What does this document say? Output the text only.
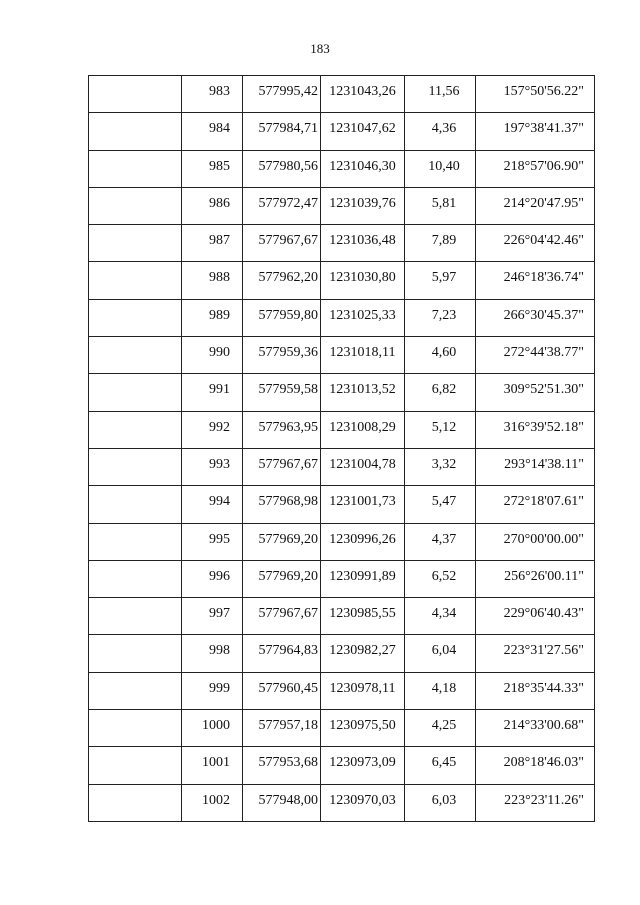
183

	983	577995,42	1231043,26	11,56	157°50'56.22"

	984	577984,71	1231047,62	4,36	197°38'41.37"

	985	577980,56	1231046,30	10,40	218°57'06.90"

	986	577972,47	1231039,76	5,81	214°20'47.95"

	987	577967,67	1231036,48	7,89	226°04'42.46"

	988	577962,20	1231030,80	5,97	246°18'36.74"

	989	577959,80	1231025,33	7,23	266°30'45.37"

	990	577959,36	1231018,11	4,60	272°44'38.77"

	991	577959,58	1231013,52	6,82	309°52'51.30"

	992	577963,95	1231008,29	5,12	316°39'52.18"

	993	577967,67	1231004,78	3,32	293°14'38.11"

	994	577968,98	1231001,73	5,47	272°18'07.61"

	995	577969,20	1230996,26	4,37	270°00'00.00"

	996	577969,20	1230991,89	6,52	256°26'00.11"

	997	577967,67	1230985,55	4,34	229°06'40.43"

	998	577964,83	1230982,27	6,04	223°31'27.56"

	999	577960,45	1230978,11	4,18	218°35'44.33"

	1000	577957,18	1230975,50	4,25	214°33'00.68"

	1001	577953,68	1230973,09	6,45	208°18'46.03"

	1002	577948,00	1230970,03	6,03	223°23'11.26"
